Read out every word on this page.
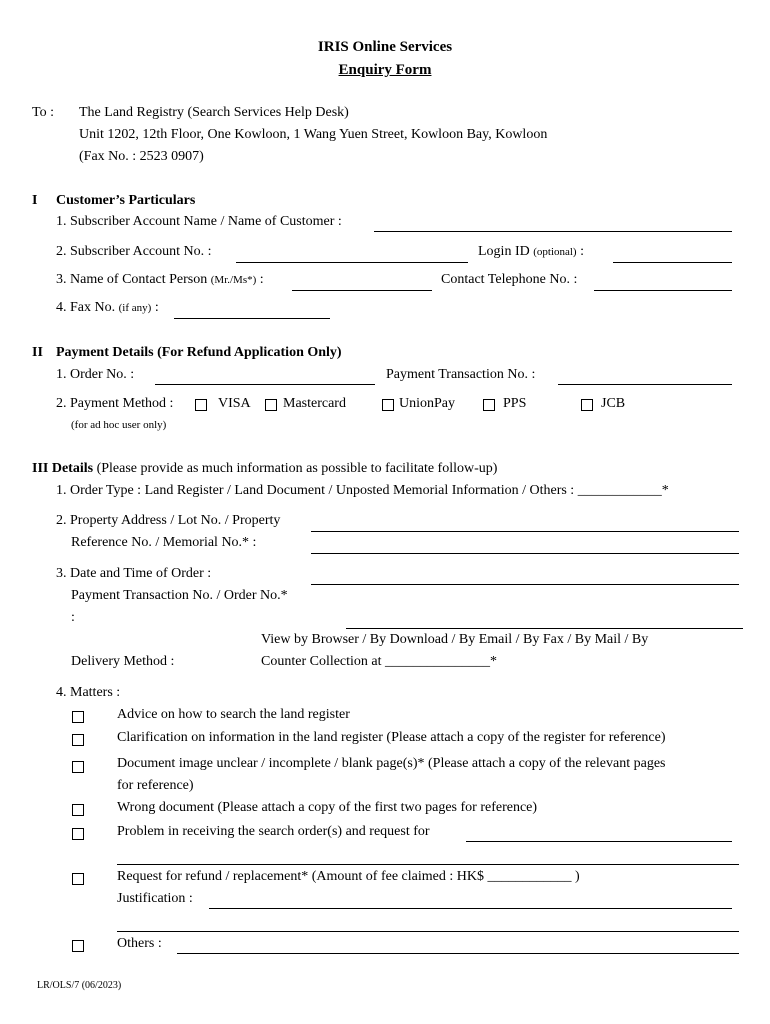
IRIS Online Services
Enquiry Form
To : The Land Registry (Search Services Help Desk)
Unit 1202, 12th Floor, One Kowloon, 1 Wang Yuen Street, Kowloon Bay, Kowloon
(Fax No. : 2523 0907)
I Customer’s Particulars
1. Subscriber Account Name / Name of Customer :
2. Subscriber Account No. :	Login ID (optional) :
3. Name of Contact Person (Mr./Ms*) :	Contact Telephone No. :
4. Fax No. (if any) :
II Payment Details (For Refund Application Only)
1. Order No. :	Payment Transaction No. :
2. Payment Method :	VISA Mastercard	UnionPay	PPS	JCB
(for ad hoc user only)
III Details (Please provide as much information as possible to facilitate follow-up)
1. Order Type : Land Register / Land Document / Unposted Memorial Information / Others : ____________*
2. Property Address / Lot No. / Property
Reference No. / Memorial No.* :
3. Date and Time of Order :
Payment Transaction No. / Order No.*
:
View by Browser / By Download / By Email / By Fax / By Mail / By
Delivery Method :	Counter Collection at _______________*
4. Matters :
Advice on how to search the land register
Clarification on information in the land register (Please attach a copy of the register for reference)
Document image unclear / incomplete / blank page(s)* (Please attach a copy of the relevant pages
for reference)
Wrong document (Please attach a copy of the first two pages for reference)
Problem in receiving the search order(s) and request for
Request for refund / replacement* (Amount of fee claimed : HK$ ____________ )
Justification :
Others :
LR/OLS/7 (06/2023)
